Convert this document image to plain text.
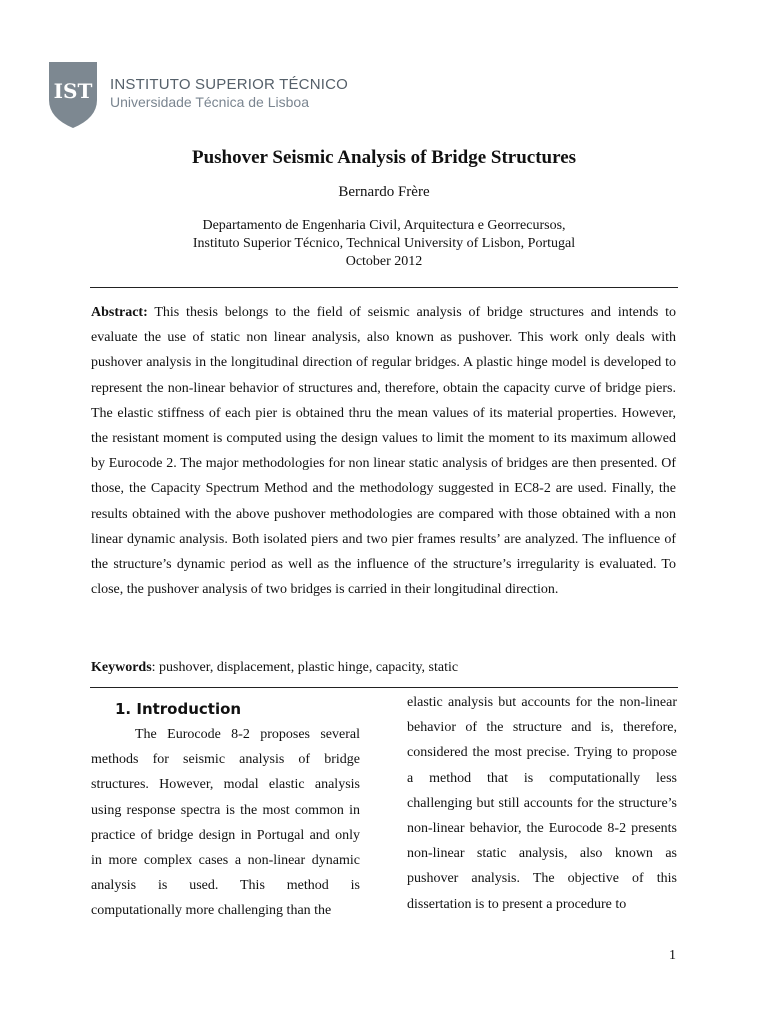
IST INSTITUTO SUPERIOR TÉCNICO
Universidade Técnica de Lisboa
Pushover Seismic Analysis of Bridge Structures
Bernardo Frère
Departamento de Engenharia Civil, Arquitectura e Georrecursos,
Instituto Superior Técnico, Technical University of Lisbon, Portugal
October 2012

Abstract: This thesis belongs to the field of seismic analysis of bridge structures and intends to evaluate the use of static non linear analysis, also known as pushover. This work only deals with pushover analysis in the longitudinal direction of regular bridges. A plastic hinge model is developed to represent the non-linear behavior of structures and, therefore, obtain the capacity curve of bridge piers. The elastic stiffness of each pier is obtained thru the mean values of its material properties. However, the resistant moment is computed using the design values to limit the moment to its maximum allowed by Eurocode 2. The major methodologies for non linear static analysis of bridges are then presented. Of those, the Capacity Spectrum Method and the methodology suggested in EC8-2 are used. Finally, the results obtained with the above pushover methodologies are compared with those obtained with a non linear dynamic analysis. Both isolated piers and two pier frames results’ are analyzed. The influence of the structure’s dynamic period as well as the influence of the structure’s irregularity is evaluated. To close, the pushover analysis of two bridges is carried in their longitudinal direction.

Keywords: pushover, displacement, plastic hinge, capacity, static

1. Introduction

The Eurocode 8-2 proposes several methods for seismic analysis of bridge structures. However, modal elastic analysis using response spectra is the most common in practice of bridge design in Portugal and only in more complex cases a non-linear dynamic analysis is used. This method is computationally more challenging than the

elastic analysis but accounts for the non-linear behavior of the structure and is, therefore, considered the most precise. Trying to propose a method that is computationally less challenging but still accounts for the structure’s non-linear behavior, the Eurocode 8-2 presents non-linear static analysis, also known as pushover analysis. The objective of this dissertation is to present a procedure to

1
